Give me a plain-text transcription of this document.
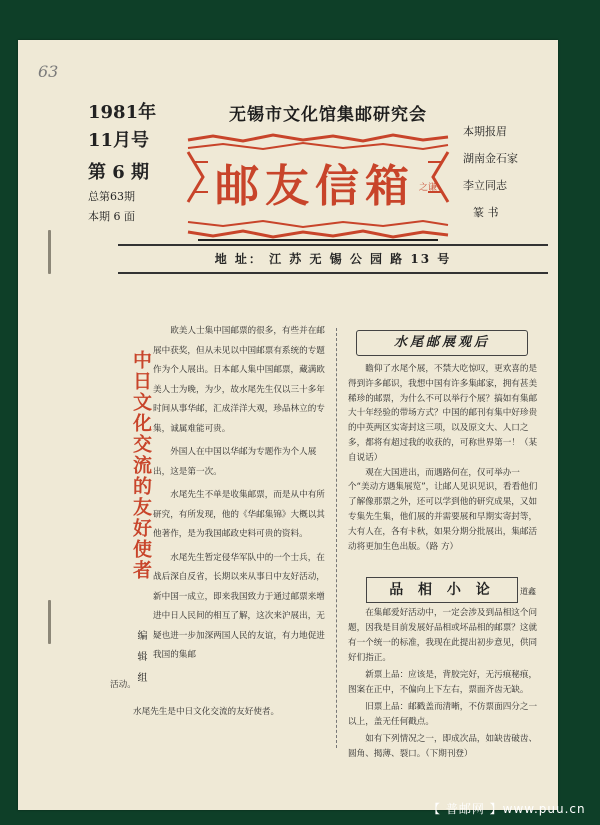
63
1981年
11月号
第 6 期
总第63期
本期 6 面
无锡市文化馆集邮研究会
邮友信箱 之谦
本期报眉
湖南金石家
李立同志
篆 书
地 址： 江 苏 无 锡 公 园 路 13 号
中日文化交流的友好使者
编 辑 组

欧美人士集中国邮票的很多，有些并在邮展中获奖，但从未见以中国邮票有系统的专题作为个人展出。日本邮人集中国邮票，藏满欧美人士为晚，为少，故水尾先生仅以三十多年时间从事华邮，汇成洋洋大观，珍品林立的专集，诚属难能可贵。

外国人在中国以华邮为专题作为个人展出，这是第一次。

水尾先生不单是收集邮票，而是从中有所研究，有所发现，他的《华邮集锦》大概以其他著作，是为我国邮政史料可贵的资料。

水尾先生暂定侵华军队中的一个士兵，在战后深自反省，长期以来从事日中友好活动，新中国一成立，即来我国致力于通过邮票来增进中日人民间的相互了解，这次来沪展出，无疑也进一步加深两国人民的友谊，有力地促进我国的集邮

活动。
水尾先生是中日文化交流的友好使者。
水尾邮展观后

瞻仰了水尾个展，不禁大吃惊叹，更欢喜的是得到许多邮识，我想中国有许多集邮家，拥有甚美稀珍的邮票，为什么不可以举行个展？搞如有集邮大十年经验的带场方式？中国的邮刊有集中好珍贵的中英两区实寄封这三项，以及原文大、人口之多，都将有超过我的收获的，可称世界第一！（某自说话）

观在大国进出，而遇路何在，仅可举办一个“美动方遇集展览”，让邮人见识见识，看看他们了解像那票之外，还可以学到他的研究成果，又如专集先生集，他们展的并需要展和早期实寄封等，大有人在，各有卡秋，如果分期分批展出，集邮活动将更加生色出版。（路 方）

品 相 小 论	道鑫

在集邮爱好活动中，一定会涉及到品相这个问题，因我是目前发展好品相或坏品相的邮票？这就有一个统一的标准，我现在此提出初步意见，供同好们指正。

新票上品：应该是，背胶完好，无污痕秘痕，图案在正中，不偏向上下左右，票面齐齿无缺。

旧票上品：邮戳盖而清晰，不仿票面四分之一以上，盖无任何戳点。

如有下列情况之一，即成次品，如缺齿破齿、圆角、揭薄、裂口。（下期刊登）

【 普邮网 】www.puu.cn
